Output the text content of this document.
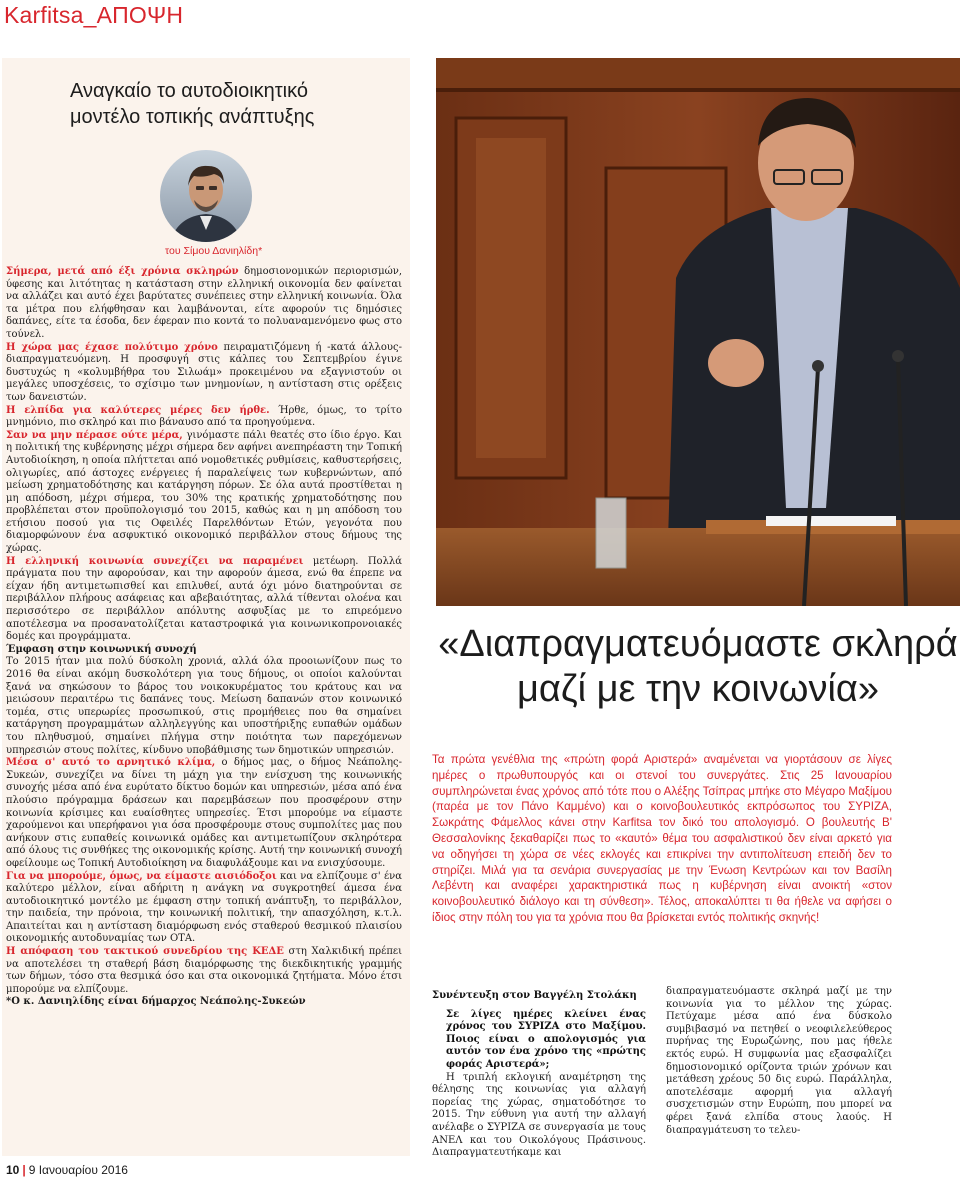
Karfitsa_ΑΠΟΨΗ
Αναγκαίο το αυτοδιοικητικό μοντέλο τοπικής ανάπτυξης
του Σίμου Δανιηλίδη*

Σήμερα, μετά από έξι χρόνια σκληρών δημοσιονομικών περιορισμών, ύφεσης και λιτότητας η κατάσταση στην ελληνική οικονομία δεν φαίνεται να αλλάζει και αυτό έχει βαρύτατες συνέπειες στην ελληνική κοινωνία. Όλα τα μέτρα που ελήφθησαν και λαμβάνονται, είτε αφορούν τις δημόσιες δαπάνες, είτε τα έσοδα, δεν έφεραν πιο κοντά το πολυαναμενόμενο φως στο τούνελ.

Η χώρα μας έχασε πολύτιμο χρόνο πειραματιζόμενη ή -κατά άλλους- διαπραγματευόμενη. Η προσφυγή στις κάλπες του Σεπτεμβρίου έγινε δυστυχώς η «κολυμβήθρα του Σιλωάμ» προκειμένου να εξαγνιστούν οι μεγάλες υποσχέσεις, το σχίσιμο των μνημονίων, η αντίσταση στις ορέξεις των δανειστών.

Η ελπίδα για καλύτερες μέρες δεν ήρθε. Ήρθε, όμως, το τρίτο μνημόνιο, πιο σκληρό και πιο βάναυσο από τα προηγούμενα.

Σαν να μην πέρασε ούτε μέρα, γινόμαστε πάλι θεατές στο ίδιο έργο. Και η πολιτική της κυβέρνησης μέχρι σήμερα δεν αφήνει ανεπηρέαστη την Τοπική Αυτοδιοίκηση, η οποία πλήττεται από νομοθετικές ρυθμίσεις, καθυστερήσεις, ολιγωρίες, από άστοχες ενέργειες ή παραλείψεις των κυβερνώντων, από μείωση χρηματοδότησης και κατάργηση πόρων. Σε όλα αυτά προστίθεται η μη απόδοση, μέχρι σήμερα, του 30% της κρατικής χρηματοδότησης που προβλέπεται στον προϋπολογισμό του 2015, καθώς και η μη απόδοση του ετήσιου ποσού για τις Οφειλές Παρελθόντων Ετών, γεγονότα που διαμορφώνουν ένα ασφυκτικό οικονομικό περιβάλλον στους δήμους της χώρας.

Η ελληνική κοινωνία συνεχίζει να παραμένει μετέωρη. Πολλά πράγματα που την αφορούσαν, και την αφορούν άμεσα, ενώ θα έπρεπε να είχαν ήδη αντιμετωπισθεί και επιλυθεί, αυτά όχι μόνο διατηρούνται σε περιβάλλον πλήρους ασάφειας και αβεβαιότητας, αλλά τίθενται ολοένα και περισσότερο σε περιβάλλον απόλυτης ασφυξίας με το επιρεόμενο αποτέλεσμα να προσανατολίζεται καταστροφικά για κοινωνικοπρονοιακές δομές και προγράμματα.

Έμφαση στην κοινωνική συνοχή

Το 2015 ήταν μια πολύ δύσκολη χρονιά, αλλά όλα προοιωνίζουν πως το 2016 θα είναι ακόμη δυσκολότερη για τους δήμους, οι οποίοι καλούνται ξανά να σηκώσουν το βάρος του νοικοκυρέματος του κράτους και να μειώσουν περαιτέρω τις δαπάνες τους. Μείωση δαπανών στον κοινωνικό τομέα, στις υπερωρίες προσωπικού, στις προμήθειες που θα σημαίνει κατάργηση προγραμμάτων αλληλεγγύης και υποστήριξης ευπαθών ομάδων του πληθυσμού, σημαίνει πλήγμα στην ποιότητα των παρεχόμενων υπηρεσιών στους πολίτες, κίνδυνο υποβάθμισης των δημοτικών υπηρεσιών.

Μέσα σ' αυτό το αρνητικό κλίμα, ο δήμος μας, ο δήμος Νεάπολης-Συκεών, συνεχίζει να δίνει τη μάχη για την ενίσχυση της κοινωνικής συνοχής μέσα από ένα ευρύτατο δίκτυο δομών και υπηρεσιών, μέσα από ένα πλούσιο πρόγραμμα δράσεων και παρεμβάσεων που προσφέρουν στην κοινωνία κρίσιμες και ευαίσθητες υπηρεσίες. Έτσι μπορούμε να είμαστε χαρούμενοι και υπερήφανοι για όσα προσφέρουμε στους συμπολίτες μας που ανήκουν στις ευπαθείς κοινωνικά ομάδες και αντιμετωπίζουν σκληρότερα από όλους τις συνθήκες της οικονομικής κρίσης. Αυτή την κοινωνική συνοχή οφείλουμε ως Τοπική Αυτοδιοίκηση να διαφυλάξουμε και να ενισχύσουμε.

Για να μπορούμε, όμως, να είμαστε αισιόδοξοι και να ελπίζουμε σ' ένα καλύτερο μέλλον, είναι αδήριτη η ανάγκη να συγκροτηθεί άμεσα ένα αυτοδιοικητικό μοντέλο με έμφαση στην τοπική ανάπτυξη, το περιβάλλον, την παιδεία, την πρόνοια, την κοινωνική πολιτική, την απασχόληση, κ.τ.λ. Απαιτείται και η αντίσταση διαμόρφωση ενός σταθερού θεσμικού πλαισίου οικονομικής αυτοδυναμίας των ΟΤΑ.

Η απόφαση του τακτικού συνεδρίου της ΚΕΔΕ στη Χαλκιδική πρέπει να αποτελέσει τη σταθερή βάση διαμόρφωσης της διεκδικητικής γραμμής των δήμων, τόσο στα θεσμικά όσο και στα οικονομικά ζητήματα. Μόνο έτσι μπορούμε να ελπίζουμε.

*Ο κ. Δανιηλίδης είναι δήμαρχος Νεάπολης-Συκεών

«Διαπραγματευόμαστε σκληρά μαζί με την κοινωνία»
Τα πρώτα γενέθλια της «πρώτη φορά Αριστερά» αναμένεται να γιορτάσουν σε λίγες ημέρες ο πρωθυπουργός και οι στενοί του συνεργάτες. Στις 25 Ιανουαρίου συμπληρώνεται ένας χρόνος από τότε που ο Αλέξης Τσίπρας μπήκε στο Μέγαρο Μαξίμου (παρέα με τον Πάνο Καμμένο) και ο κοινοβουλευτικός εκπρόσωπος του ΣΥΡΙΖΑ, Σωκράτης Φάμελλος κάνει στην Karfitsa τον δικό του απολογισμό. Ο βουλευτής Β' Θεσσαλονίκης ξεκαθαρίζει πως το «καυτό» θέμα του ασφαλιστικού δεν είναι αρκετό για να οδηγήσει τη χώρα σε νέες εκλογές και επικρίνει την αντιπολίτευση επειδή δεν το στηρίζει. Μιλά για τα σενάρια συνεργασίας με την Ένωση Κεντρώων και τον Βασίλη Λεβέντη και αναφέρει χαρακτηριστικά πως η κυβέρνηση είναι ανοικτή «στον κοινοβουλευτικό διάλογο και τη σύνθεση». Τέλος, αποκαλύπτει τι θα ήθελε να αφήσει ο ίδιος στην πόλη του για τα χρόνια που θα βρίσκεται εντός πολιτικής σκηνής!

Συνέντευξη στον Βαγγέλη Στολάκη

Σε λίγες ημέρες κλείνει ένας χρόνος του ΣΥΡΙΖΑ στο Μαξίμου. Ποιος είναι ο απολογισμός για αυτόν τον ένα χρόνο της «πρώτης φοράς Αριστερά»;

Η τριπλή εκλογική αναμέτρηση της θέλησης της κοινωνίας για αλλαγή πορείας της χώρας, σηματοδότησε το 2015. Την εύθυνη για αυτή την αλλαγή ανέλαβε ο ΣΥΡΙΖΑ σε συνεργασία με τους ΑΝΕΛ και του Οικολόγους Πράσινους. Διαπραγματευτήκαμε και

διαπραγματευόμαστε σκληρά μαζί με την κοινωνία για το μέλλον της χώρας. Πετύχαμε μέσα από ένα δύσκολο συμβιβασμό να πετηθεί ο νεοφιλελεύθερος πυρήνας της Ευρωζώνης, που μας ήθελε εκτός ευρώ. Η συμφωνία μας εξασφαλίζει δημοσιονομικό ορίζοντα τριών χρόνων και μετάθεση χρέους 50 δις ευρώ. Παράλληλα, αποτελέσαμε αφορμή για αλλαγή συσχετισμών στην Ευρώπη, που μπορεί να φέρει ξανά ελπίδα στους λαούς. Η διαπραγμάτευση το τελευ-

10 | 9 Ιανουαρίου 2016
